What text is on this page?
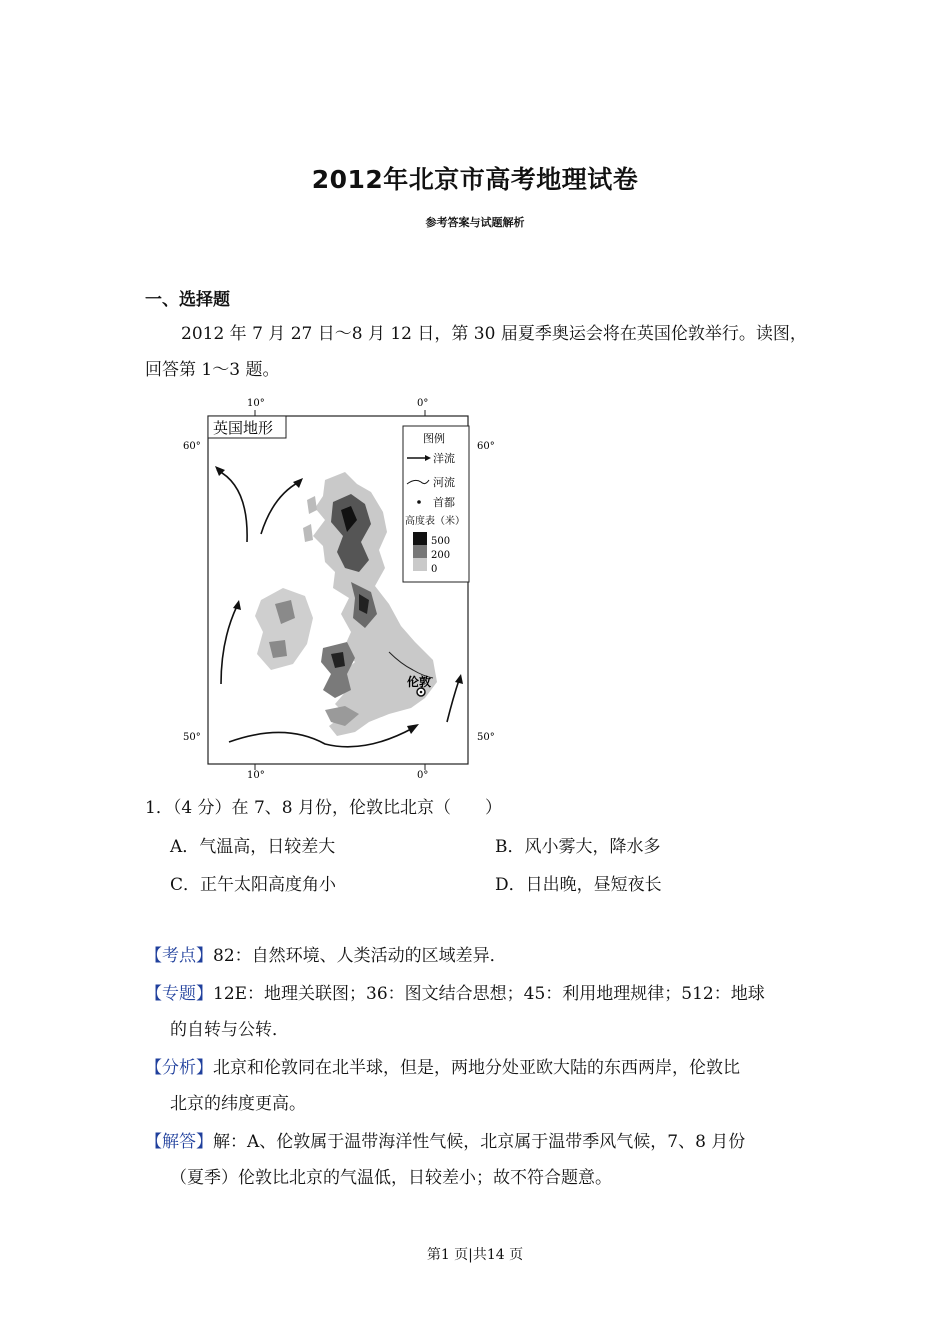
2012年北京市高考地理试卷
参考答案与试题解析
一、选择题
2012 年 7 月 27 日～8 月 12 日，第 30 届夏季奥运会将在英国伦敦举行。读图，回答第 1～3 题。
10°	0°
10°	0°
60°	60°
50°	50°
英国地形
伦敦
图例
洋流
河流
首都
高度表（米）
500
200
0
1．（4 分）在 7、8 月份，伦敦比北京（　　）
A．气温高，日较差大	B．风小雾大，降水多
C．正午太阳高度角小	D．日出晚，昼短夜长
【考点】82：自然环境、人类活动的区域差异．
【专题】12E：地理关联图；36：图文结合思想；45：利用地理规律；512：地球
的自转与公转．
【分析】北京和伦敦同在北半球，但是，两地分处亚欧大陆的东西两岸，伦敦比
北京的纬度更高。
【解答】解：A、伦敦属于温带海洋性气候，北京属于温带季风气候，7、8 月份
（夏季）伦敦比北京的气温低，日较差小；故不符合题意。
第1 页|共14 页
